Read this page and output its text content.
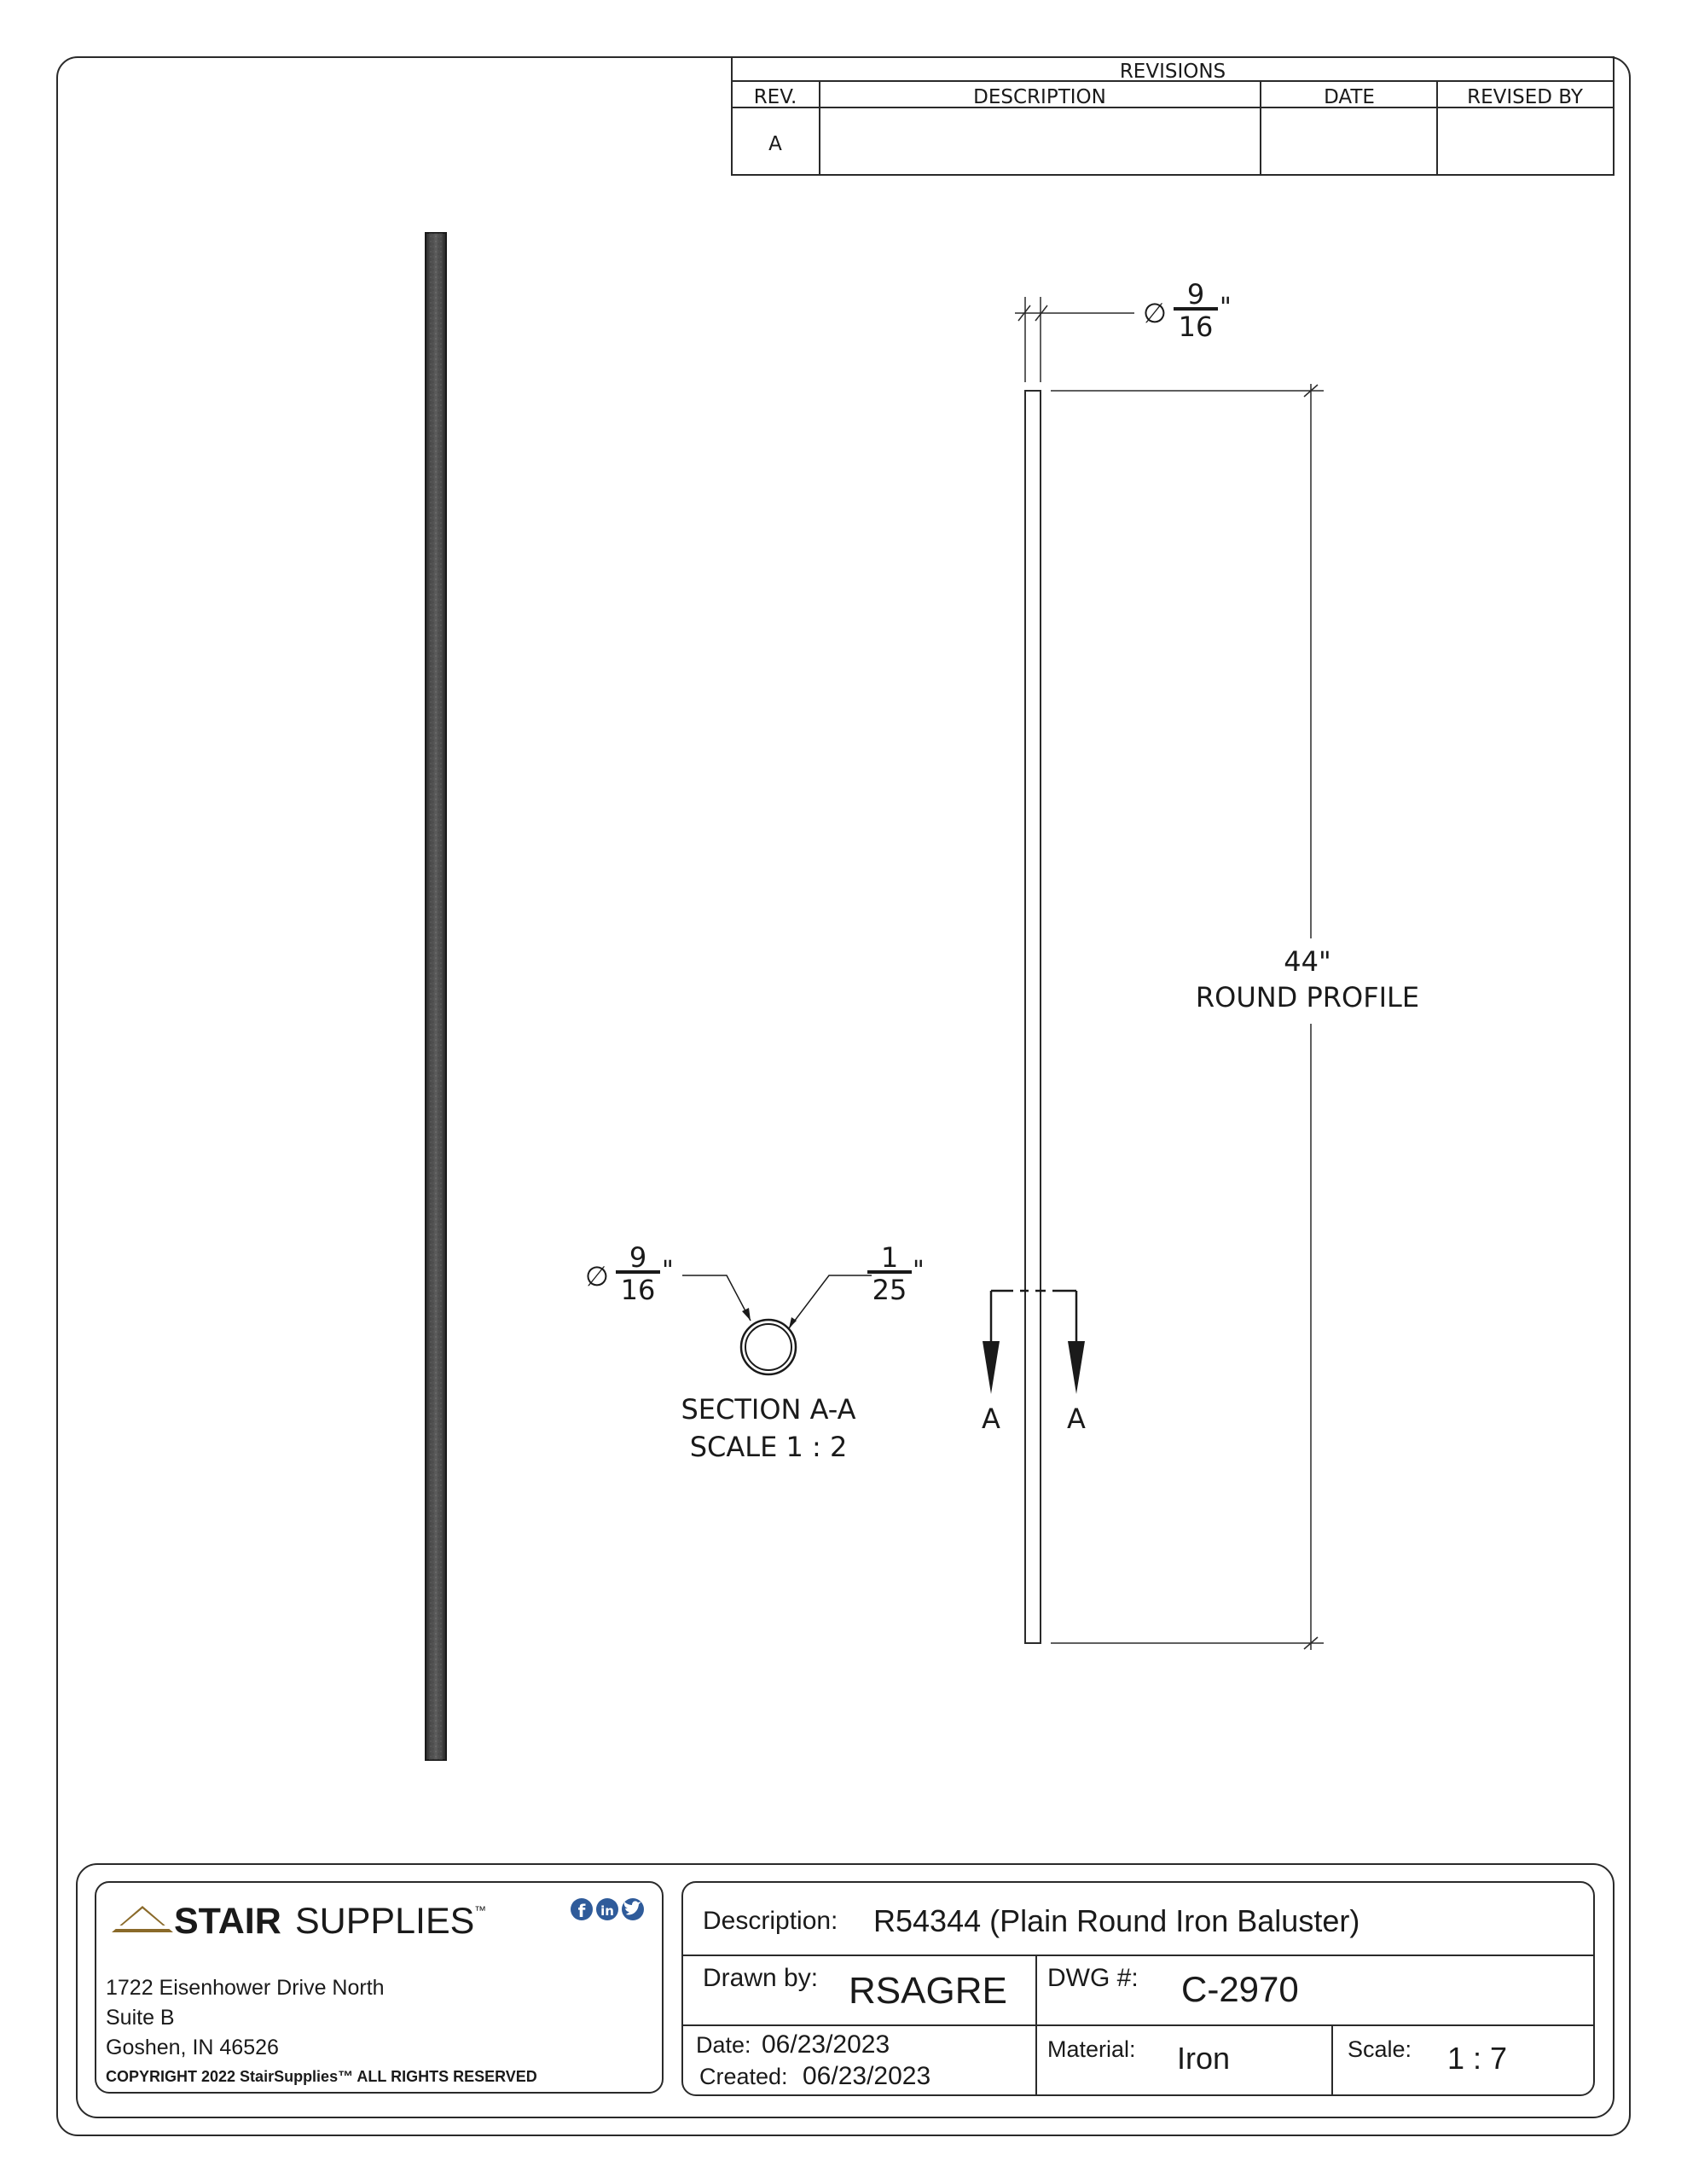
REVISIONS
REV.	DESCRIPTION	DATE	REVISED BY
A
∅
9
16
"
44"
ROUND PROFILE
A A
∅
9
16
"	1
25
"
SECTION A-A
SCALE 1 : 2
STAIR SUPPLIES ™	f in
1722 Eisenhower Drive North
Suite B
Goshen, IN 46526
COPYRIGHT 2022 StairSupplies™ ALL RIGHTS RESERVED
Description: R54344 (Plain Round Iron Baluster)
Drawn by: RSAGRE DWG #: C-2970
Date: 06/23/2023
Created: 06/23/2023
Material: Iron	Scale: 1 : 7
